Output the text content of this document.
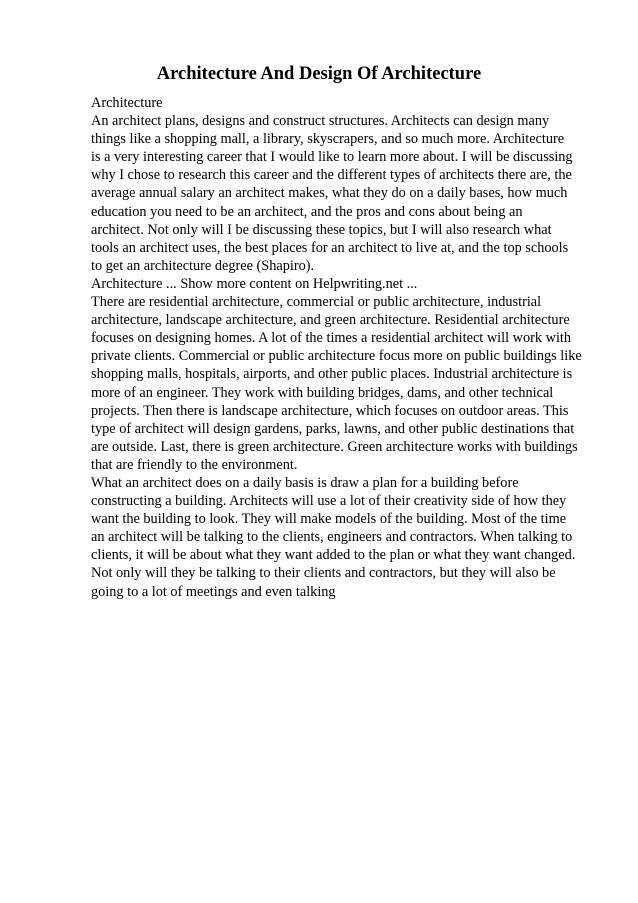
Architecture And Design Of Architecture
Architecture
An architect plans, designs and construct structures. Architects can design many
things like a shopping mall, a library, skyscrapers, and so much more. Architecture
is a very interesting career that I would like to learn more about. I will be discussing
why I chose to research this career and the different types of architects there are, the
average annual salary an architect makes, what they do on a daily bases, how much
education you need to be an architect, and the pros and cons about being an
architect. Not only will I be discussing these topics, but I will also research what
tools an architect uses, the best places for an architect to live at, and the top schools
to get an architecture degree (Shapiro).
Architecture ... Show more content on Helpwriting.net ...
There are residential architecture, commercial or public architecture, industrial
architecture, landscape architecture, and green architecture. Residential architecture
focuses on designing homes. A lot of the times a residential architect will work with
private clients. Commercial or public architecture focus more on public buildings like
shopping malls, hospitals, airports, and other public places. Industrial architecture is
more of an engineer. They work with building bridges, dams, and other technical
projects. Then there is landscape architecture, which focuses on outdoor areas. This
type of architect will design gardens, parks, lawns, and other public destinations that
are outside. Last, there is green architecture. Green architecture works with buildings
that are friendly to the environment.
What an architect does on a daily basis is draw a plan for a building before
constructing a building. Architects will use a lot of their creativity side of how they
want the building to look. They will make models of the building. Most of the time
an architect will be talking to the clients, engineers and contractors. When talking to
clients, it will be about what they want added to the plan or what they want changed.
Not only will they be talking to their clients and contractors, but they will also be
going to a lot of meetings and even talking
